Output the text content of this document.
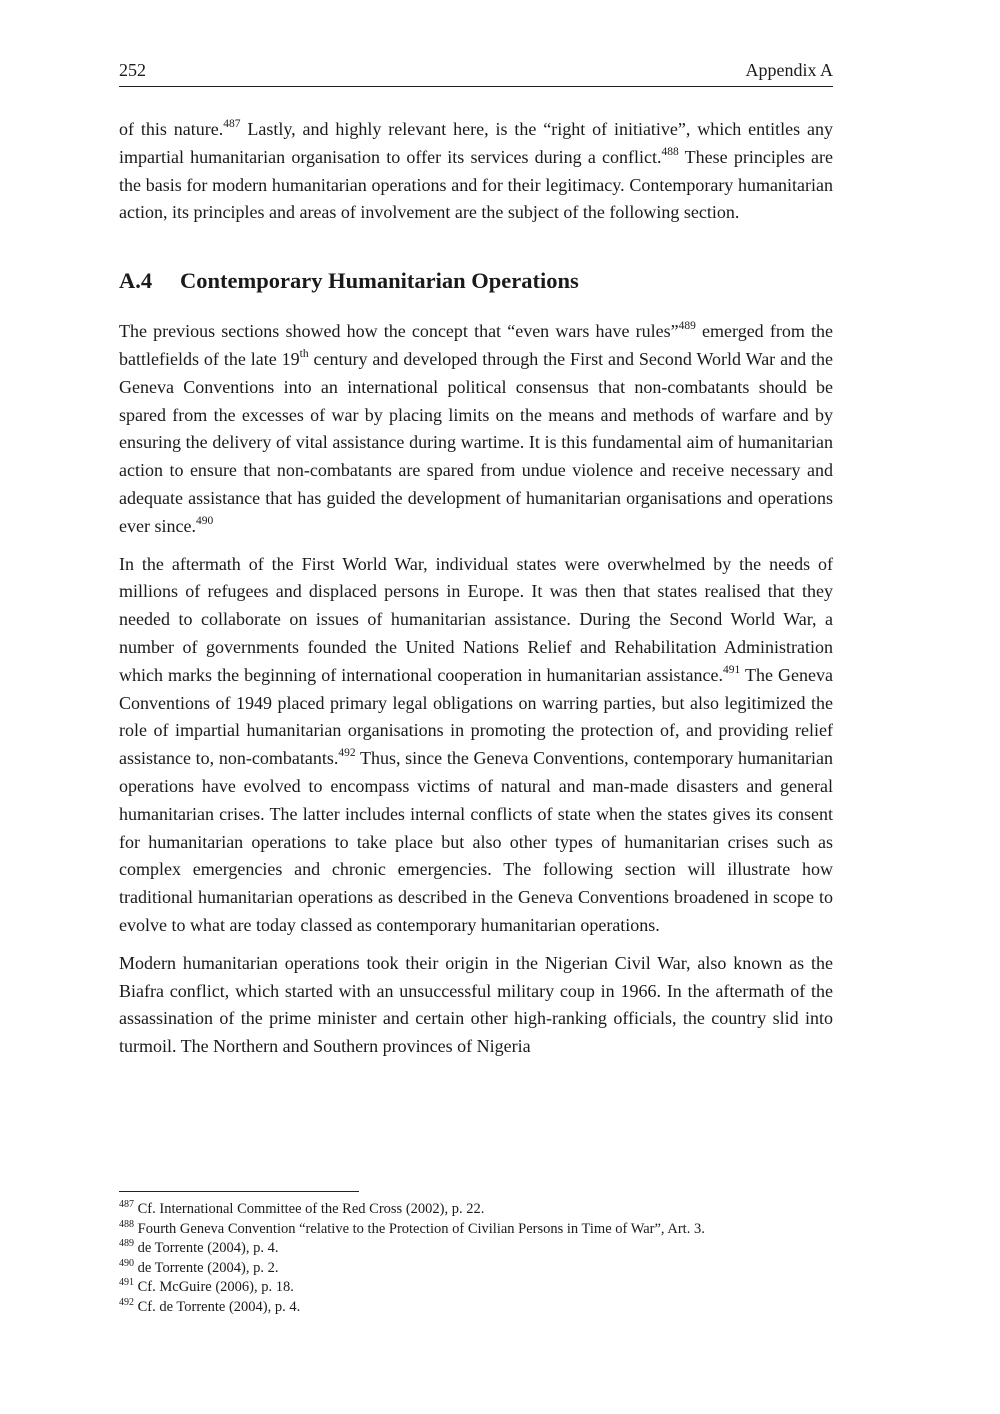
252	Appendix A

of this nature.$^{487}$ Lastly, and highly relevant here, is the “right of initiative”, which entitles any impartial humanitarian organisation to offer its services during a conflict.$^{488}$ These principles are the basis for modern humanitarian operations and for their legitimacy. Contemporary humanitarian action, its principles and areas of involvement are the subject of the following section.

A.4 Contemporary Humanitarian Operations

The previous sections showed how the concept that “even wars have rules”$^{489}$ emerged from the battlefields of the late 19th century and developed through the First and Second World War and the Geneva Conventions into an international political consensus that non-combatants should be spared from the excesses of war by placing limits on the means and methods of warfare and by ensuring the delivery of vital assistance during wartime. It is this fundamental aim of humanitarian action to ensure that non-combatants are spared from undue violence and receive necessary and adequate assistance that has guided the development of humanitarian organisations and operations ever since.$^{490}$

In the aftermath of the First World War, individual states were overwhelmed by the needs of millions of refugees and displaced persons in Europe. It was then that states realised that they needed to collaborate on issues of humanitarian assistance. During the Second World War, a number of governments founded the United Nations Relief and Rehabilitation Administration which marks the beginning of international cooperation in humanitarian assistance.$^{491}$ The Geneva Conventions of 1949 placed primary legal obligations on warring parties, but also legitimized the role of impartial humanitarian organisations in promoting the protection of, and providing relief assistance to, non-combatants.$^{492}$ Thus, since the Geneva Conventions, contemporary humanitarian operations have evolved to encompass victims of natural and man-made disasters and general humanitarian crises. The latter includes internal conflicts of state when the states gives its consent for humanitarian operations to take place but also other types of humanitarian crises such as complex emergencies and chronic emergencies. The following section will illustrate how traditional humanitarian operations as described in the Geneva Conventions broadened in scope to evolve to what are today classed as contemporary humanitarian operations.

Modern humanitarian operations took their origin in the Nigerian Civil War, also known as the Biafra conflict, which started with an unsuccessful military coup in 1966. In the aftermath of the assassination of the prime minister and certain other high-ranking officials, the country slid into turmoil. The Northern and Southern provinces of Nigeria

$^{487}$ Cf. International Committee of the Red Cross (2002), p. 22.
$^{488}$ Fourth Geneva Convention “relative to the Protection of Civilian Persons in Time of War”, Art. 3.
$^{489}$ de Torrente (2004), p. 4.
$^{490}$ de Torrente (2004), p. 2.
$^{491}$ Cf. McGuire (2006), p. 18.
$^{492}$ Cf. de Torrente (2004), p. 4.
